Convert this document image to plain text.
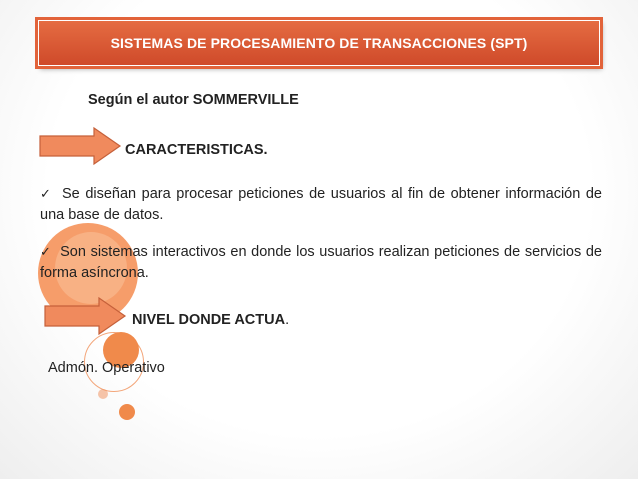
SISTEMAS DE PROCESAMIENTO DE TRANSACCIONES (SPT)
Según el autor SOMMERVILLE
CARACTERISTICAS.
✓ Se diseñan para procesar peticiones de usuarios al fin de obtener información de una base de datos.
✓ Son sistemas interactivos en donde los usuarios realizan peticiones de servicios de forma asíncrona.
NIVEL DONDE ACTUA.
Admón. Operativo
